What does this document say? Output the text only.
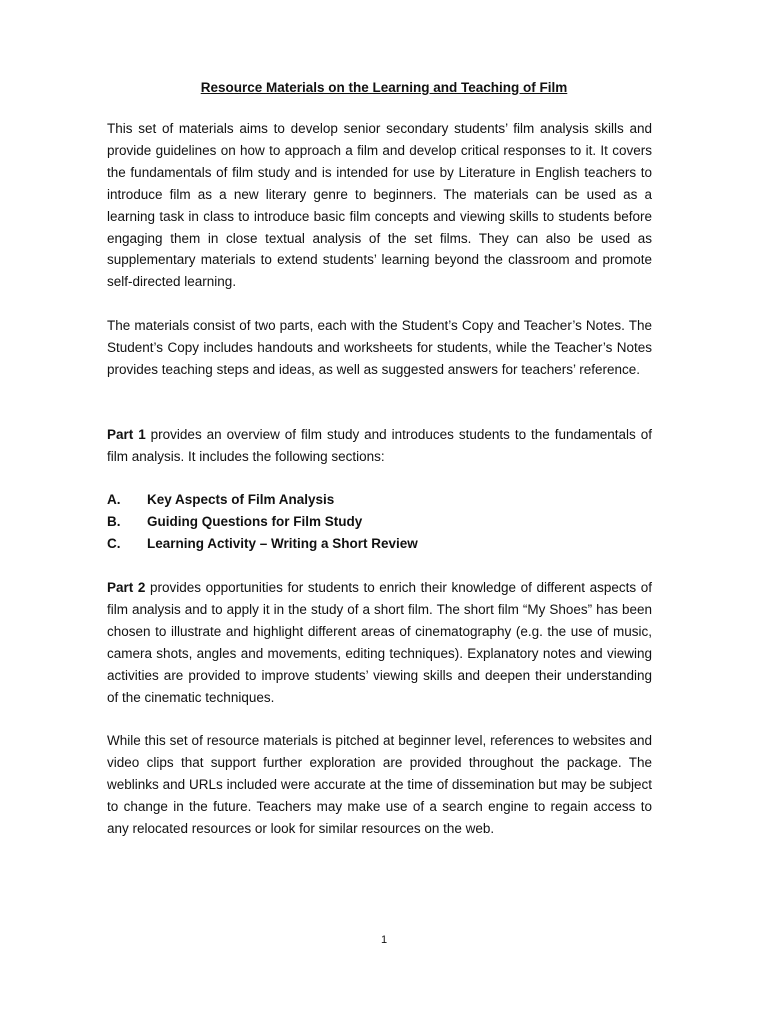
Resource Materials on the Learning and Teaching of Film

This set of materials aims to develop senior secondary students’ film analysis skills and provide guidelines on how to approach a film and develop critical responses to it. It covers the fundamentals of film study and is intended for use by Literature in English teachers to introduce film as a new literary genre to beginners. The materials can be used as a learning task in class to introduce basic film concepts and viewing skills to students before engaging them in close textual analysis of the set films. They can also be used as supplementary materials to extend students’ learning beyond the classroom and promote self-directed learning.

The materials consist of two parts, each with the Student’s Copy and Teacher’s Notes. The Student’s Copy includes handouts and worksheets for students, while the Teacher’s Notes provides teaching steps and ideas, as well as suggested answers for teachers’ reference.

Part 1 provides an overview of film study and introduces students to the fundamentals of film analysis. It includes the following sections:

A.	Key Aspects of Film Analysis
B.	Guiding Questions for Film Study
C.	Learning Activity – Writing a Short Review

Part 2 provides opportunities for students to enrich their knowledge of different aspects of film analysis and to apply it in the study of a short film. The short film “My Shoes” has been chosen to illustrate and highlight different areas of cinematography (e.g. the use of music, camera shots, angles and movements, editing techniques). Explanatory notes and viewing activities are provided to improve students’ viewing skills and deepen their understanding of the cinematic techniques.

While this set of resource materials is pitched at beginner level, references to websites and video clips that support further exploration are provided throughout the package. The weblinks and URLs included were accurate at the time of dissemination but may be subject to change in the future. Teachers may make use of a search engine to regain access to any relocated resources or look for similar resources on the web.

1
